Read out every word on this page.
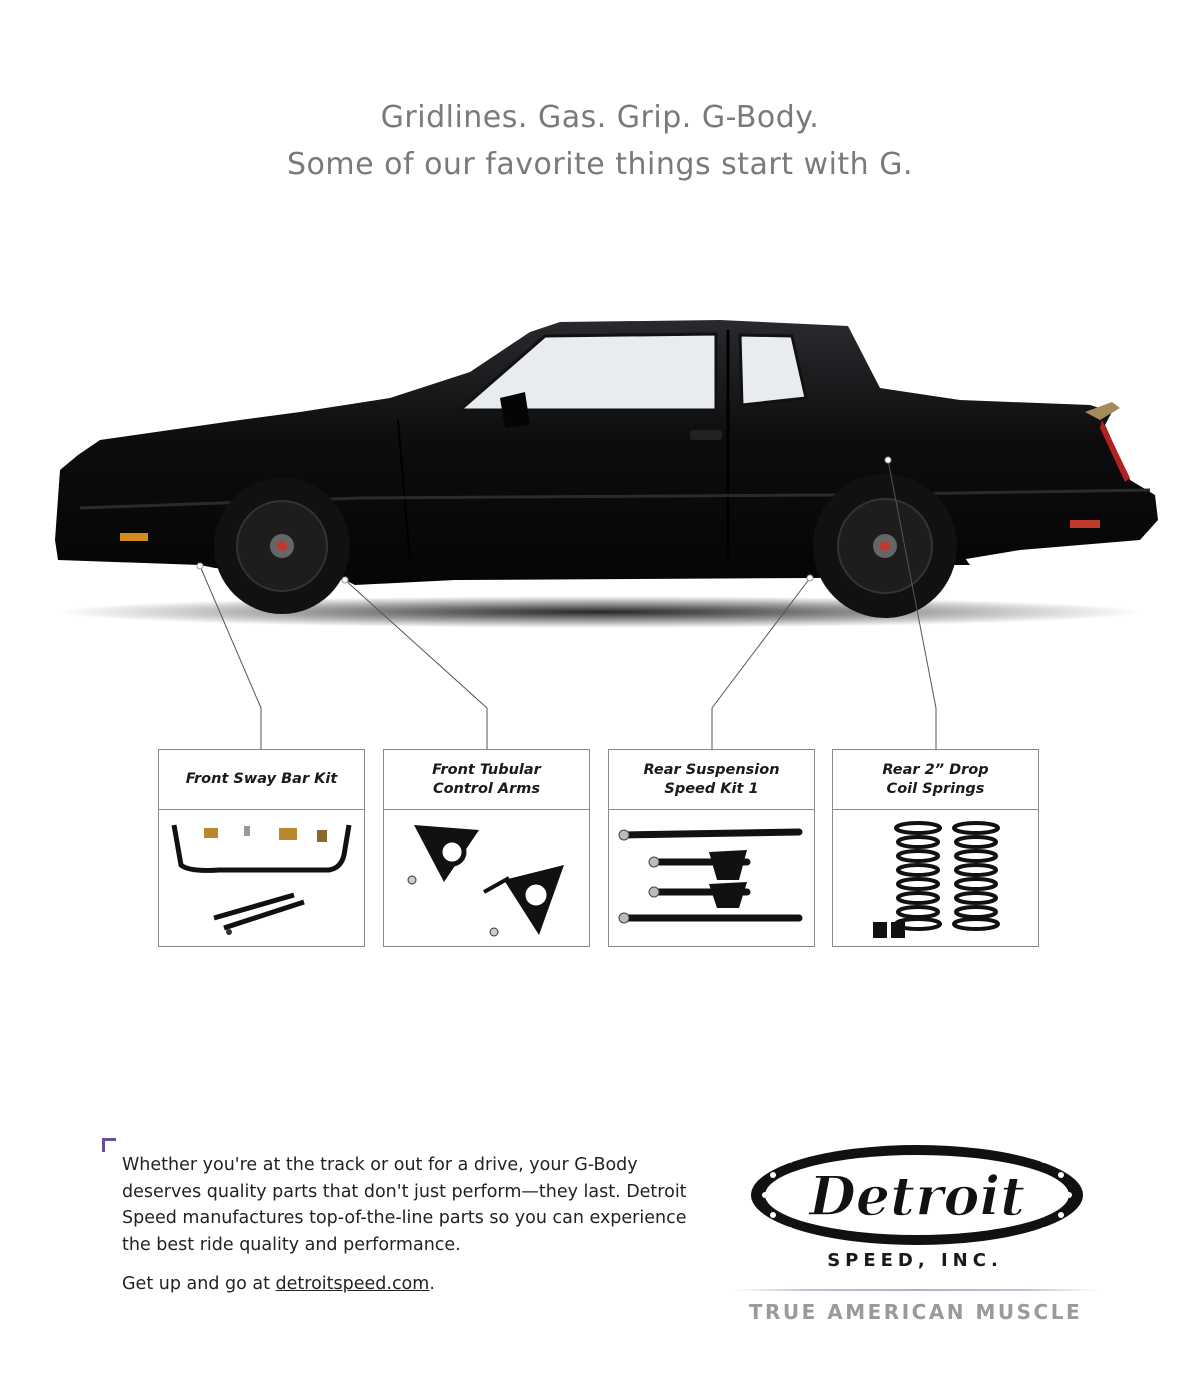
Gridlines. Gas. Grip. G-Body.
Some of our favorite things start with G.
Front Sway Bar Kit
Front Tubular
Control Arms
Rear Suspension
Speed Kit 1
Rear 2” Drop
Coil Springs

Whether you're at the track or out for a drive, your G-Body deserves quality parts that don't just perform—they last. Detroit Speed manufactures top-of-the-line parts so you can experience the best ride quality and performance.

Get up and go at detroitspeed.com.
Detroit
SPEED, INC.
TRUE AMERICAN MUSCLE
